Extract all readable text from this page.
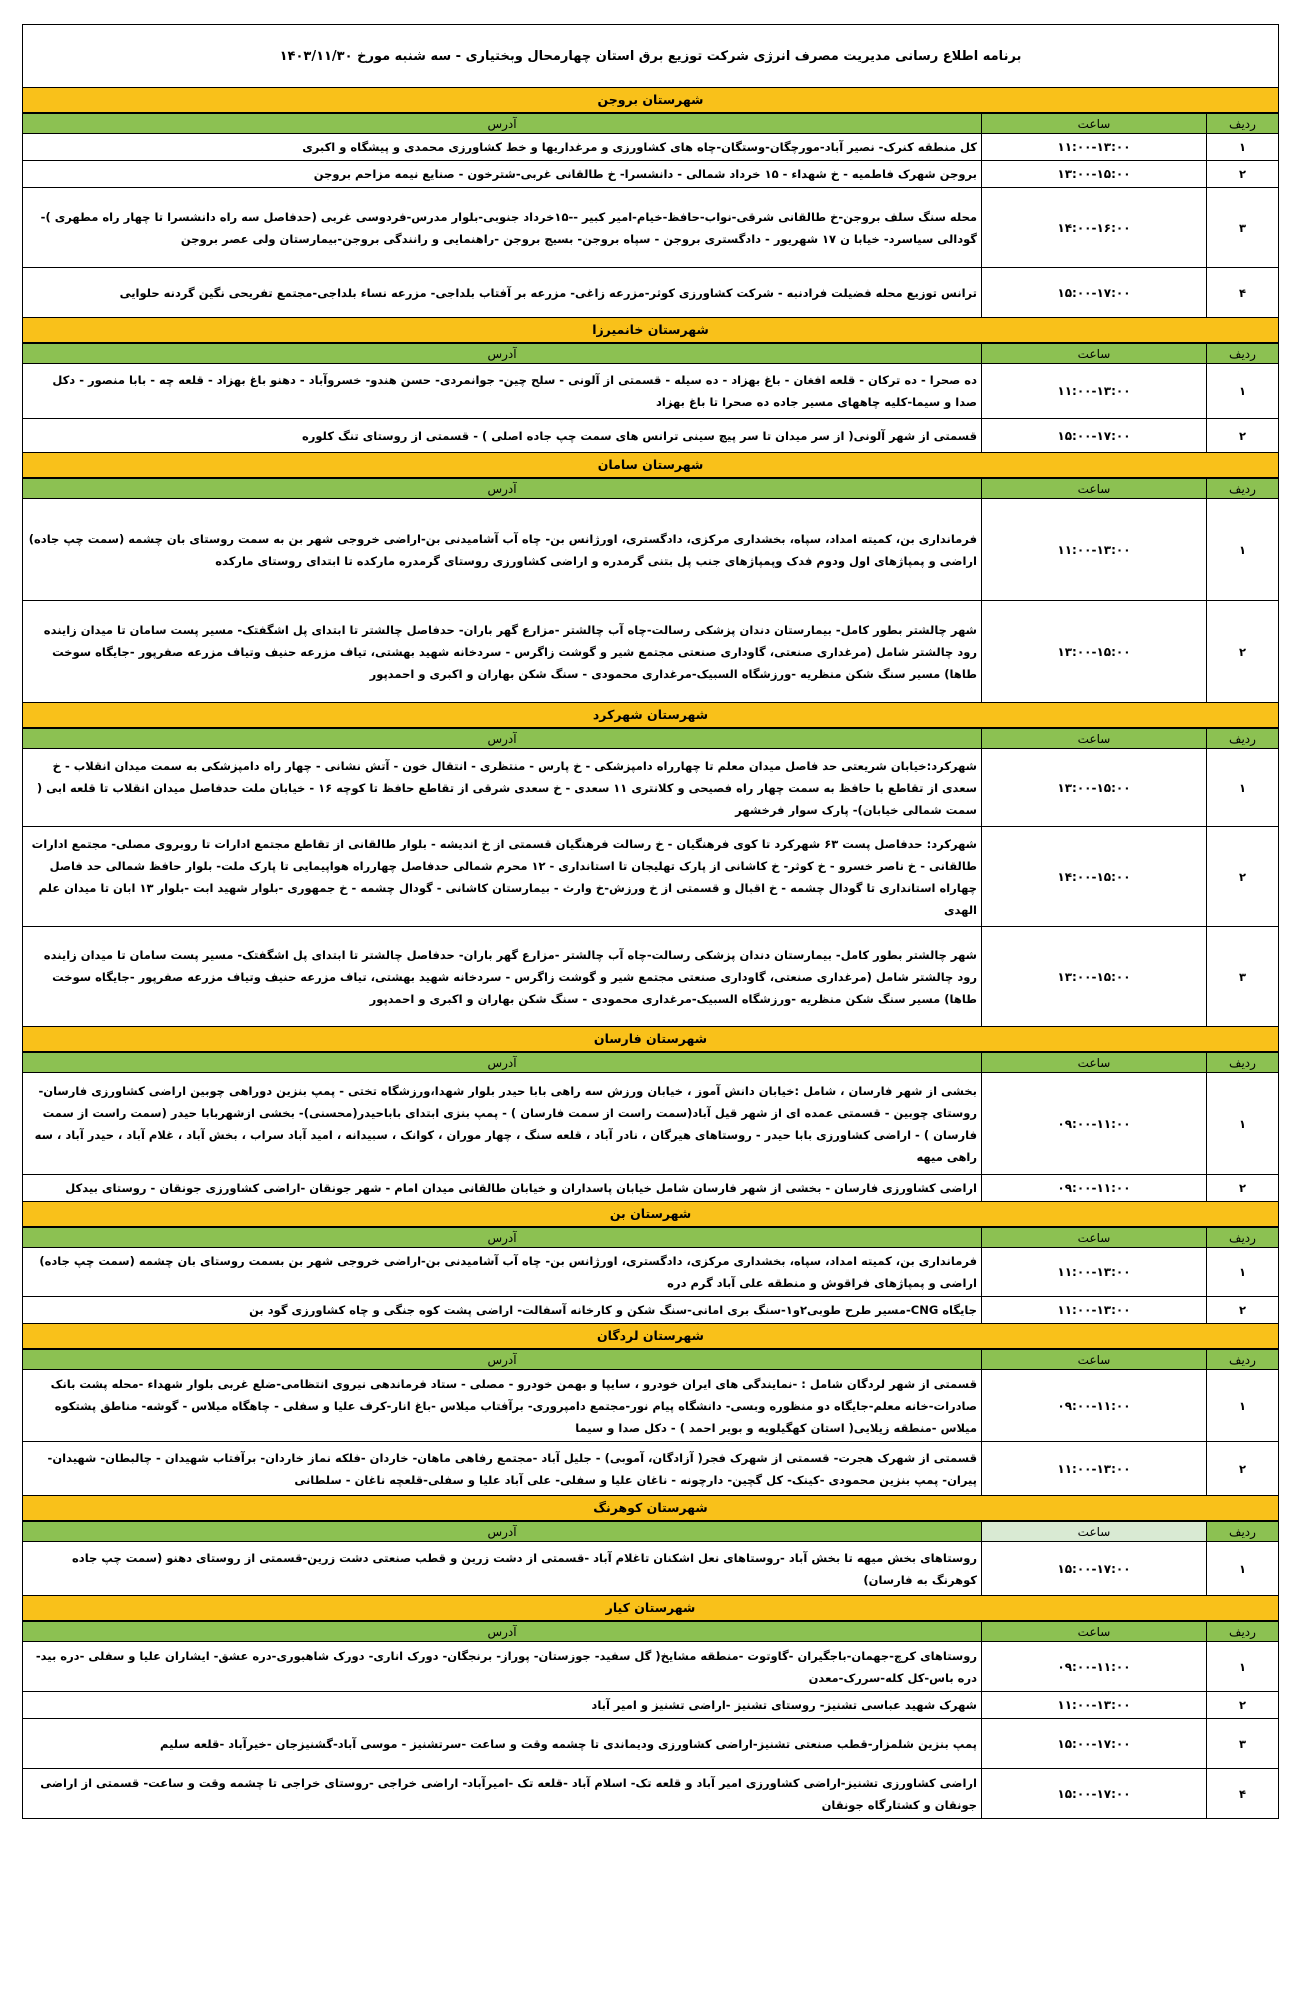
برنامه اطلاع رسانی مدیریت مصرف انرژی شرکت توزیع برق استان چهارمحال وبختیاری - سه شنبه مورخ ۱۴۰۳/۱۱/۳۰
شهرستان بروجن
ردیف	ساعت	آدرس
۱	۱۱:۰۰-۱۳:۰۰	کل منطقه کنرک- نصیر آباد-مورچگان-وستگان-چاه های کشاورزی و مرغداریها و خط کشاورزی محمدی و پیشگاه و اکبری
۲	۱۳:۰۰-۱۵:۰۰	بروجن شهرک فاطمیه - خ شهداء - ۱۵ خرداد شمالی - دانشسرا- خ طالقانی غربی-شترخون - صنایع نیمه مزاحم بروجن
۳	۱۴:۰۰-۱۶:۰۰	محله سنگ سلف بروجن-خ طالقانی شرقی-نواب-حافظ-خیام-امیر کبیر --۱۵خرداد جنوبی-بلوار مدرس-فردوسی غربی (حدفاصل سه راه دانشسرا تا چهار راه مطهری )-گودالی سیاسرد- خیابا ن ۱۷ شهریور - دادگستری بروجن - سپاه بروجن- بسیج بروجن -راهنمایی و رانندگی بروجن-بیمارستان ولی عصر بروجن
۴	۱۵:۰۰-۱۷:۰۰	ترانس توزیع محله فضیلت فرادنبه - شرکت کشاورزی کوثر-مزرعه زاغی- مزرعه بر آفتاب بلداجی- مزرعه نساء بلداجی-مجتمع تفریحی نگین گردنه حلوایی
شهرستان خانمیرزا
ردیف	ساعت	آدرس
۱	۱۱:۰۰-۱۳:۰۰	ده صحرا - ده ترکان - قلعه افغان - باغ بهزاد - ده سیله - قسمتی از آلونی - سلح چین- جوانمردی- حسن هندو- خسروآباد - دهنو باغ بهزاد - قلعه چه - بابا منصور - دکل صدا و سیما-کلیه چاههای مسیر جاده ده صحرا تا باغ بهزاد
۲	۱۵:۰۰-۱۷:۰۰	قسمتی از شهر آلونی( از سر میدان تا سر پیچ سینی ترانس های سمت چپ جاده اصلی ) - قسمتی از روستای تنگ کلوره
شهرستان سامان
ردیف	ساعت	آدرس
۱	۱۱:۰۰-۱۳:۰۰	فرمانداری بن، کمیته امداد، سپاه، بخشداری مرکزی، دادگستری، اورژانس بن- چاه آب آشامیدنی بن-اراضی خروجی شهر بن به سمت روستای بان چشمه (سمت چپ جاده) اراضی و پمپاژهای اول ودوم فدک وپمپاژهای جنب پل بتنی گرمدره و اراضی کشاورزی روستای گرمدره مارکده تا ابتدای روستای مارکده
۲	۱۳:۰۰-۱۵:۰۰	شهر چالشتر بطور کامل- بیمارستان دندان پزشکی رسالت-چاه آب چالشتر -مزارع گهر باران- حدفاصل چالشتر تا ابتدای پل اشگفتک- مسیر پست سامان تا میدان زاینده رود چالشتر شامل (مرغداری صنعتی، گاوداری صنعتی مجتمع شیر و گوشت زاگرس - سردخانه شهید بهشتی، تیاف مزرعه حنیف وتیاف مزرعه صفرپور -جایگاه سوخت طاها) مسیر سنگ شکن منظریه -ورزشگاه السبیک-مرغداری محمودی - سنگ شکن بهاران و اکبری و احمدپور
شهرستان شهرکرد
ردیف	ساعت	آدرس
۱	۱۳:۰۰-۱۵:۰۰	شهرکرد:خیابان شریعتی حد فاصل میدان معلم تا چهارراه دامپزشکی - خ پارس - منتظری - انتقال خون - آتش نشانی - چهار راه دامپزشکی به سمت میدان انقلاب - خ سعدی از تقاطع با حافظ به سمت چهار راه فصیحی و کلانتری ۱۱ سعدی - خ سعدی شرقی از تقاطع حافظ تا کوچه ۱۶ - خیابان ملت حدفاصل میدان انقلاب تا قلعه ابی ( سمت شمالی خیابان)- پارک سوار فرخشهر
۲	۱۴:۰۰-۱۵:۰۰	شهرکرد: حدفاصل پست ۶۳ شهرکرد تا کوی فرهنگیان - خ رسالت فرهنگیان قسمتی از خ اندیشه - بلوار طالقانی از تقاطع مجتمع ادارات تا روبروی مصلی- مجتمع ادارات طالقانی - خ ناصر خسرو - خ کوثر- خ کاشانی از پارک تهلیجان تا استانداری - ۱۲ محرم شمالی حدفاصل چهارراه هواپیمایی تا پارک ملت- بلوار حافظ شمالی حد فاصل چهاراه استانداری تا گودال چشمه - خ اقبال و قسمتی از خ ورزش-خ وارث - بیمارستان کاشانی - گودال چشمه - خ جمهوری -بلوار شهید ابت -بلوار ۱۳ ابان تا میدان علم الهدی
۳	۱۳:۰۰-۱۵:۰۰	شهر چالشتر بطور کامل- بیمارستان دندان پزشکی رسالت-چاه آب چالشتر -مزارع گهر باران- حدفاصل چالشتر تا ابتدای پل اشگفتک- مسیر پست سامان تا میدان زاینده رود چالشتر شامل (مرغداری صنعتی، گاوداری صنعتی مجتمع شیر و گوشت زاگرس - سردخانه شهید بهشتی، تیاف مزرعه حنیف وتیاف مزرعه صفرپور -جایگاه سوخت طاها) مسیر سنگ شکن منظریه -ورزشگاه السبیک-مرغداری محمودی - سنگ شکن بهاران و اکبری و احمدپور
شهرستان فارسان
ردیف	ساعت	آدرس
۱	۰۹:۰۰-۱۱:۰۰	بخشی از شهر فارسان ، شامل :خیابان دانش آموز ، خیابان ورزش سه راهی بابا حیدر بلوار شهدا،ورزشگاه تختی - پمپ بنزین دوراهی چوبین اراضی کشاورزی فارسان- روستای چوبین - قسمتی عمده ای از شهر قیل آباد(سمت راست از سمت فارسان ) - پمپ بنزی ابتدای باباحیدر(محسنی)- بخشی ازشهربابا حیدر (سمت راست از سمت فارسان ) - اراضی کشاورزی بابا حیدر - روستاهای هیرگان ، نادر آباد ، قلعه سنگ ، چهار موران ، کوانک ، سبیدانه ، امید آباد سراب ، بخش آباد ، غلام آباد ، حیدر آباد ، سه راهی میهه
۲	۰۹:۰۰-۱۱:۰۰	اراضی کشاورزی فارسان - بخشی از شهر فارسان شامل خیابان پاسداران و خیابان طالقانی میدان امام - شهر جونقان -اراضی کشاورزی جونقان - روستای بیدکل
شهرستان بن
ردیف	ساعت	آدرس
۱	۱۱:۰۰-۱۳:۰۰	فرمانداری بن، کمیته امداد، سپاه، بخشداری مرکزی، دادگستری، اورژانس بن- چاه آب آشامیدنی بن-اراضی خروجی شهر بن بسمت روستای بان چشمه (سمت چپ جاده) اراضی و پمپاژهای فراقوش و منطقه علی آباد گرم دره
۲	۱۱:۰۰-۱۳:۰۰	جایگاه CNG-مسیر طرح طوبی۲و۱-سنگ بری امانی-سنگ شکن و کارخانه آسفالت- اراضی پشت کوه جنگی و چاه کشاورزی گود بن
شهرستان لردگان
ردیف	ساعت	آدرس
۱	۰۹:۰۰-۱۱:۰۰	قسمتی از شهر لردگان شامل : -نمایندگی های ایران خودرو ، سایپا و بهمن خودرو - مصلی - ستاد فرماندهی نیروی انتظامی-ضلع غربی بلوار شهداء -محله پشت بانک صادرات-خانه معلم-جایگاه دو منظوره وبسی- دانشگاه پیام نور-مجتمع دامپروری- برآفتاب میلاس -باغ انار-کرف علیا و سفلی - چاهگاه میلاس - گوشه- مناطق پشتکوه میلاس -منطقه زیلایی( استان کهگیلویه و بویر احمد ) - دکل صدا و سیما
۲	۱۱:۰۰-۱۳:۰۰	قسمتی از شهرک هجرت- قسمتی از شهرک فجر( آزادگان، آموبی) - جلیل آباد -مجتمع رفاهی ماهان- خاردان -فلکه نماز خاردان- برآفتاب شهیدان - چالبطان- شهیدان- پیران- پمپ بنزین محمودی -کینک- کل گچین- دارچونه - ناغان علیا و سفلی- علی آباد علیا و سفلی-قلعچه ناغان - سلطانی
شهرستان کوهرنگ
ردیف	ساعت	آدرس
۱	۱۵:۰۰-۱۷:۰۰	روستاهای بخش میهه تا بخش آباد -روستاهای نعل اشکنان تاغلام آباد -قسمتی از دشت زرین و قطب صنعتی دشت زرین-قسمتی از روستای دهنو (سمت چپ جاده کوهرنگ به فارسان)
شهرستان کیار
ردیف	ساعت	آدرس
۱	۰۹:۰۰-۱۱:۰۰	روستاهای کرچ-جهمان-باجگیران -گاوتوت -منطقه مشایخ( گل سفید- جوزستان- پوراز- برنجگان- دورک اناری- دورک شاهبوری-دره عشق- ایشاران علیا و سفلی -دره بید-دره باس-کل کله-سررک-معدن
۲	۱۱:۰۰-۱۳:۰۰	شهرک شهید عباسی تشنیز- روستای تشنیز -اراضی تشنیز و امیر آباد
۳	۱۵:۰۰-۱۷:۰۰	پمپ بنزین شلمزار-قطب صنعتی تشنیز-اراضی کشاورزی ودیماندی تا چشمه وقت و ساعت -سرتشنیز - موسی آباد-گشنیزجان -خیرآباد -قلعه سلیم
۴	۱۵:۰۰-۱۷:۰۰	اراضی کشاورزی تشنیز-اراضی کشاورزی امیر آباد و قلعه تک- اسلام آباد -قلعه تک -امیرآباد- اراضی خراجی -روستای خراجی تا چشمه وقت و ساعت- قسمتی از اراضی جونقان و کشتارگاه جونقان
